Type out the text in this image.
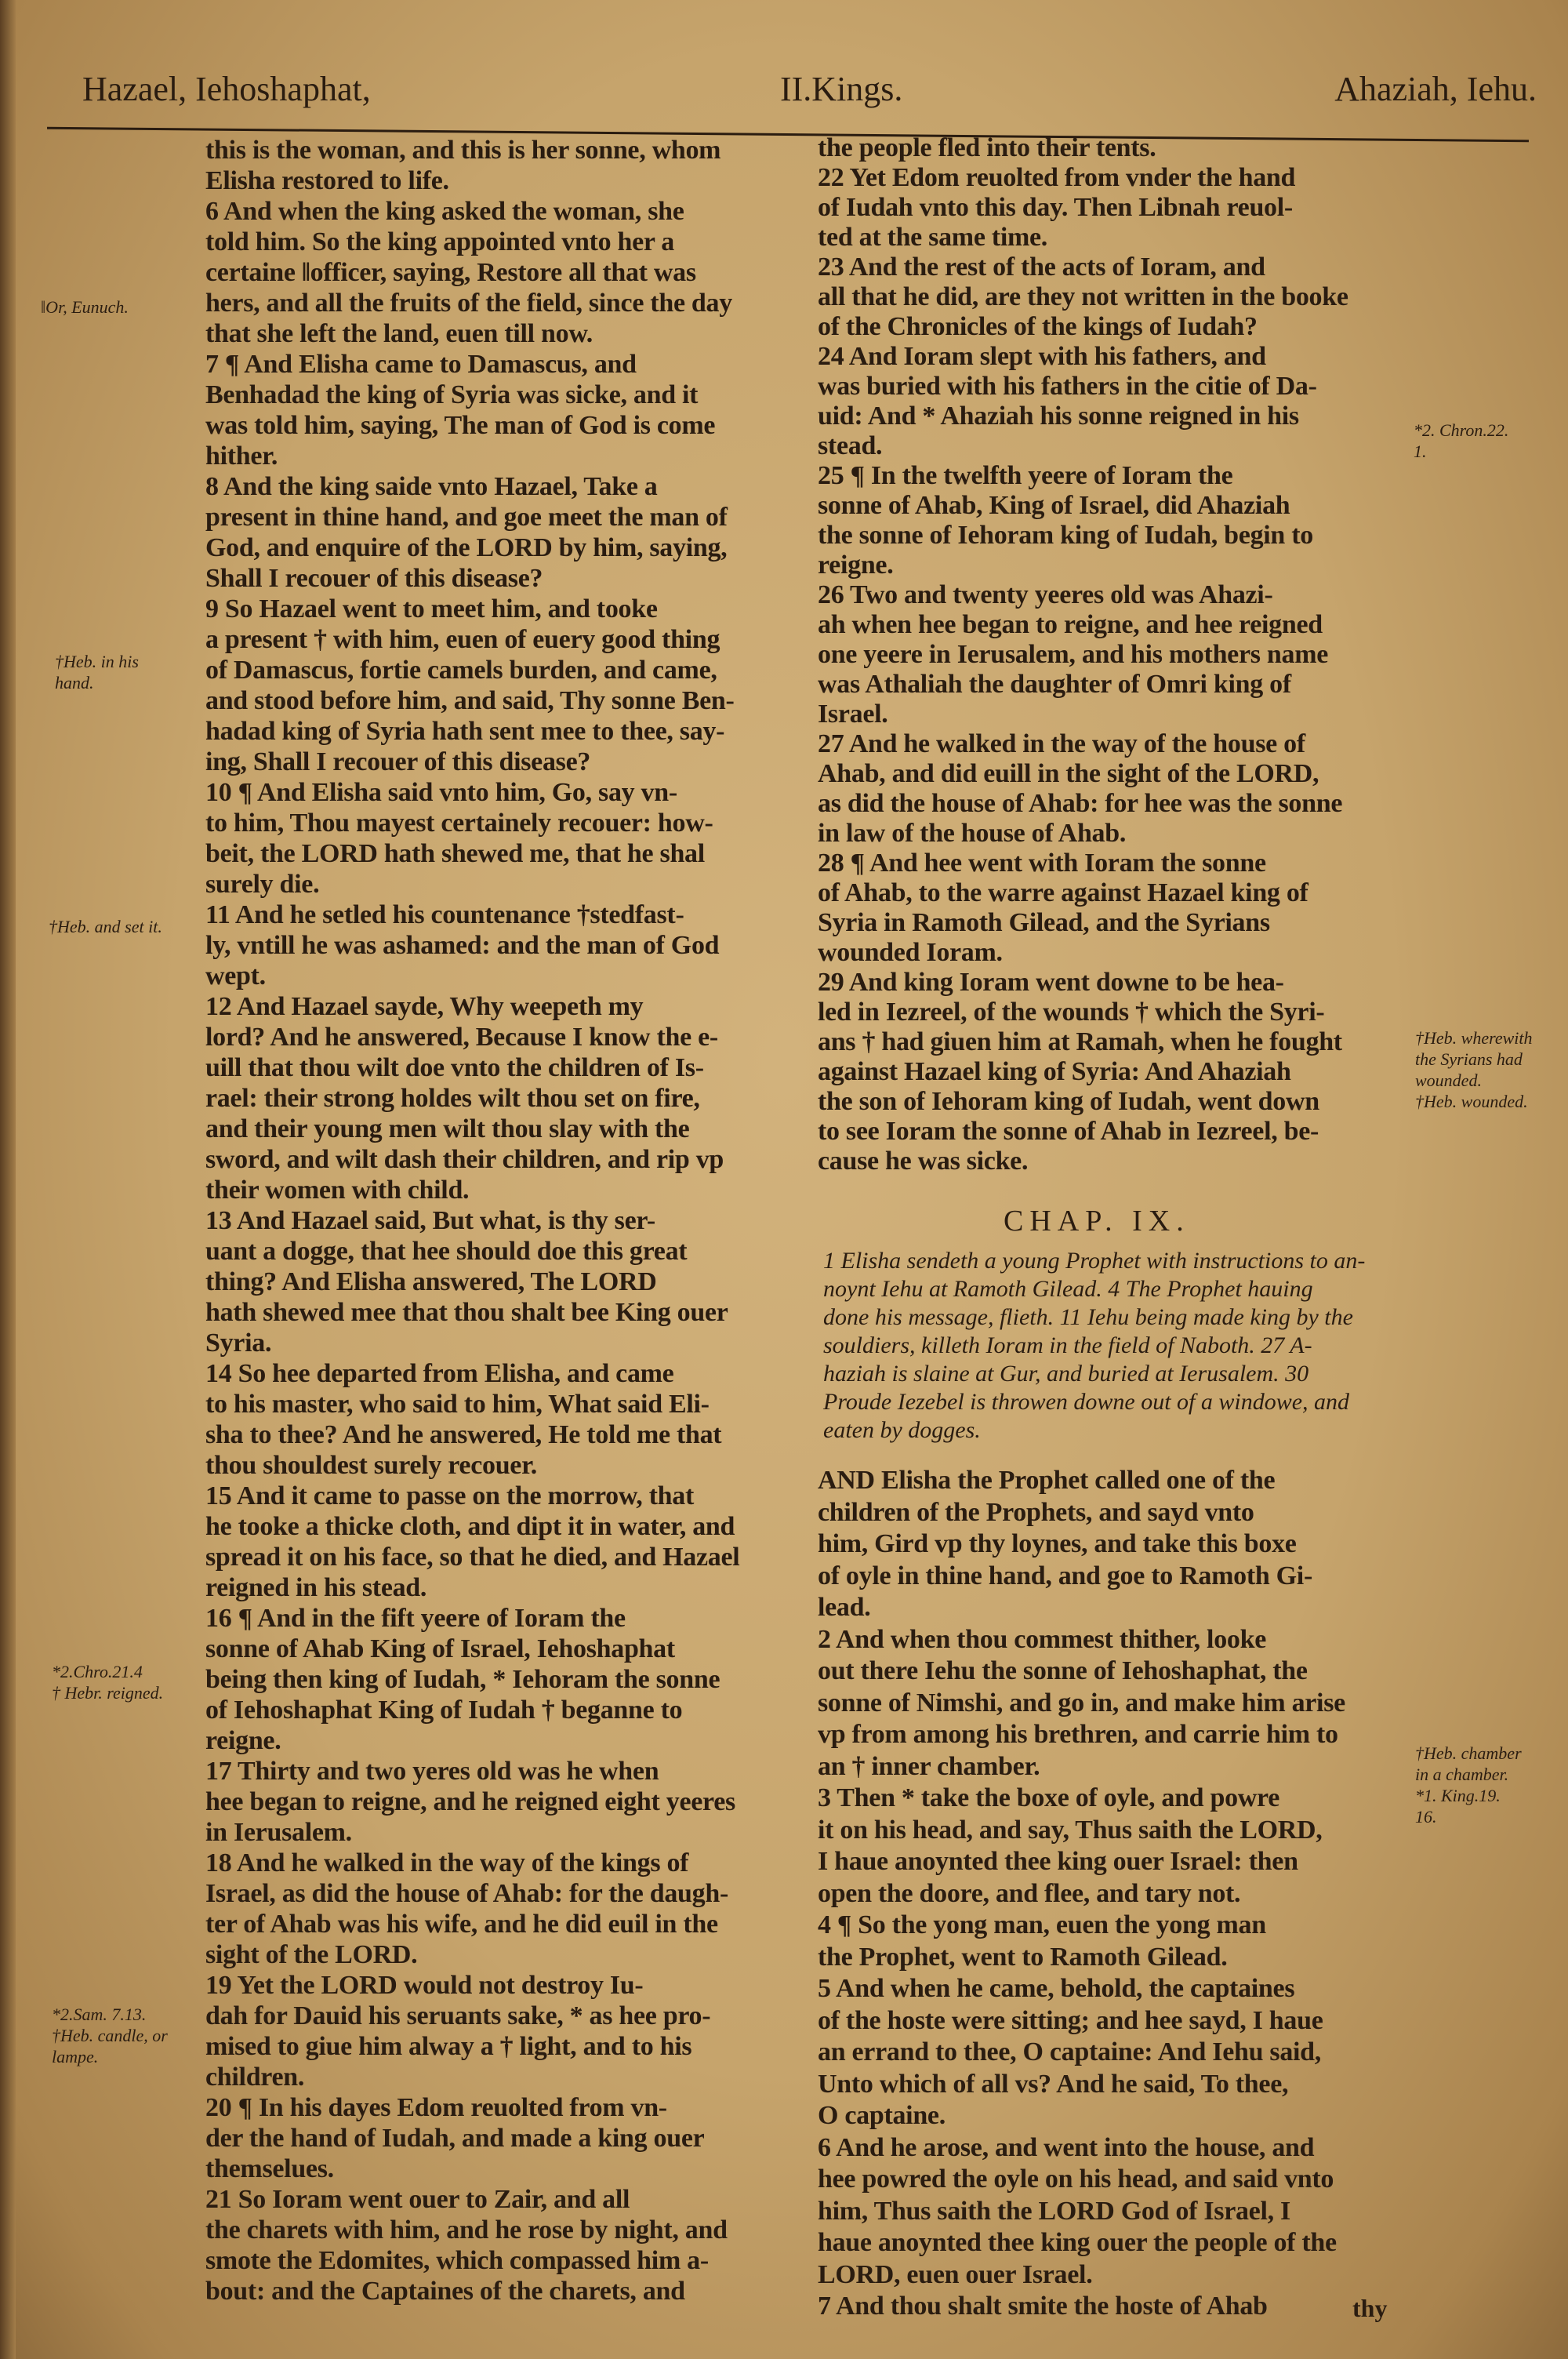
Hazael, Iehoshaphat,	II.Kings.	Ahaziah, Iehu.
this is the woman, and this is her sonne, whom
Elisha restored to life.
6 And when the king asked the woman, she
told him. So the king appointed vnto her a
certaine ‖officer, saying, Restore all that was
hers, and all the fruits of the field, since the day
that she left the land, euen till now.
7 ¶ And Elisha came to Damascus, and
Benhadad the king of Syria was sicke, and it
was told him, saying, The man of God is come
hither.
8 And the king saide vnto Hazael, Take a
present in thine hand, and goe meet the man of
God, and enquire of the LORD by him, saying,
Shall I recouer of this disease?
9 So Hazael went to meet him, and tooke
a present † with him, euen of euery good thing
of Damascus, fortie camels burden, and came,
and stood before him, and said, Thy sonne Ben-
hadad king of Syria hath sent mee to thee, say-
ing, Shall I recouer of this disease?
10 ¶ And Elisha said vnto him, Go, say vn-
to him, Thou mayest certainely recouer: how-
beit, the LORD hath shewed me, that he shal
surely die.
11 And he setled his countenance †stedfast-
ly, vntill he was ashamed: and the man of God
wept.
12 And Hazael sayde, Why weepeth my
lord? And he answered, Because I know the e-
uill that thou wilt doe vnto the children of Is-
rael: their strong holdes wilt thou set on fire,
and their young men wilt thou slay with the
sword, and wilt dash their children, and rip vp
their women with child.
13 And Hazael said, But what, is thy ser-
uant a dogge, that hee should doe this great
thing? And Elisha answered, The LORD
hath shewed mee that thou shalt bee King ouer
Syria.
14 So hee departed from Elisha, and came
to his master, who said to him, What said Eli-
sha to thee? And he answered, He told me that
thou shouldest surely recouer.
15 And it came to passe on the morrow, that
he tooke a thicke cloth, and dipt it in water, and
spread it on his face, so that he died, and Hazael
reigned in his stead.
16 ¶ And in the fift yeere of Ioram the
sonne of Ahab King of Israel, Iehoshaphat
being then king of Iudah, * Iehoram the sonne
of Iehoshaphat King of Iudah † beganne to
reigne.
17 Thirty and two yeres old was he when
hee began to reigne, and he reigned eight yeeres
in Ierusalem.
18 And he walked in the way of the kings of
Israel, as did the house of Ahab: for the daugh-
ter of Ahab was his wife, and he did euil in the
sight of the LORD.
19 Yet the LORD would not destroy Iu-
dah for Dauid his seruants sake, * as hee pro-
mised to giue him alway a † light, and to his
children.
20 ¶ In his dayes Edom reuolted from vn-
der the hand of Iudah, and made a king ouer
themselues.
21 So Ioram went ouer to Zair, and all
the charets with him, and he rose by night, and
smote the Edomites, which compassed him a-
bout: and the Captaines of the charets, and
the people fled into their tents.
22 Yet Edom reuolted from vnder the hand
of Iudah vnto this day. Then Libnah reuol-
ted at the same time.
23 And the rest of the acts of Ioram, and
all that he did, are they not written in the booke
of the Chronicles of the kings of Iudah?
24 And Ioram slept with his fathers, and
was buried with his fathers in the citie of Da-
uid: And * Ahaziah his sonne reigned in his
stead.
25 ¶ In the twelfth yeere of Ioram the
sonne of Ahab, King of Israel, did Ahaziah
the sonne of Iehoram king of Iudah, begin to
reigne.
26 Two and twenty yeeres old was Ahazi-
ah when hee began to reigne, and hee reigned
one yeere in Ierusalem, and his mothers name
was Athaliah the daughter of Omri king of
Israel.
27 And he walked in the way of the house of
Ahab, and did euill in the sight of the LORD,
as did the house of Ahab: for hee was the sonne
in law of the house of Ahab.
28 ¶ And hee went with Ioram the sonne
of Ahab, to the warre against Hazael king of
Syria in Ramoth Gilead, and the Syrians
wounded Ioram.
29 And king Ioram went downe to be hea-
led in Iezreel, of the wounds † which the Syri-
ans † had giuen him at Ramah, when he fought
against Hazael king of Syria: And Ahaziah
the son of Iehoram king of Iudah, went down
to see Ioram the sonne of Ahab in Iezreel, be-
cause he was sicke.
CHAP. IX.
1 Elisha sendeth a young Prophet with instructions to an-
noynt Iehu at Ramoth Gilead. 4 The Prophet hauing
done his message, flieth. 11 Iehu being made king by the
souldiers, killeth Ioram in the field of Naboth. 27 A-
haziah is slaine at Gur, and buried at Ierusalem. 30
Proude Iezebel is throwen downe out of a windowe, and
eaten by dogges.
AND Elisha the Prophet called one of the
children of the Prophets, and sayd vnto
him, Gird vp thy loynes, and take this boxe
of oyle in thine hand, and goe to Ramoth Gi-
lead.
2 And when thou commest thither, looke
out there Iehu the sonne of Iehoshaphat, the
sonne of Nimshi, and go in, and make him arise
vp from among his brethren, and carrie him to
an † inner chamber.
3 Then * take the boxe of oyle, and powre
it on his head, and say, Thus saith the LORD,
I haue anoynted thee king ouer Israel: then
open the doore, and flee, and tary not.
4 ¶ So the yong man, euen the yong man
the Prophet, went to Ramoth Gilead.
5 And when he came, behold, the captaines
of the hoste were sitting; and hee sayd, I haue
an errand to thee, O captaine: And Iehu said,
Unto which of all vs? And he said, To thee,
O captaine.
6 And he arose, and went into the house, and
hee powred the oyle on his head, and said vnto
him, Thus saith the LORD God of Israel, I
haue anoynted thee king ouer the people of the
LORD, euen ouer Israel.
7 And thou shalt smite the hoste of Ahab	thy
‖Or, Eunuch.
†Heb. in his
hand.
†Heb. and set it.
*2.Chro.21.4
† Hebr. reigned.
*2.Sam. 7.13.
†Heb. candle, or
lampe.
*2. Chron.22.
1.
†Heb. wherewith
the Syrians had
wounded.
†Heb. wounded.
†Heb. chamber
in a chamber.
*1. King.19.
16.
